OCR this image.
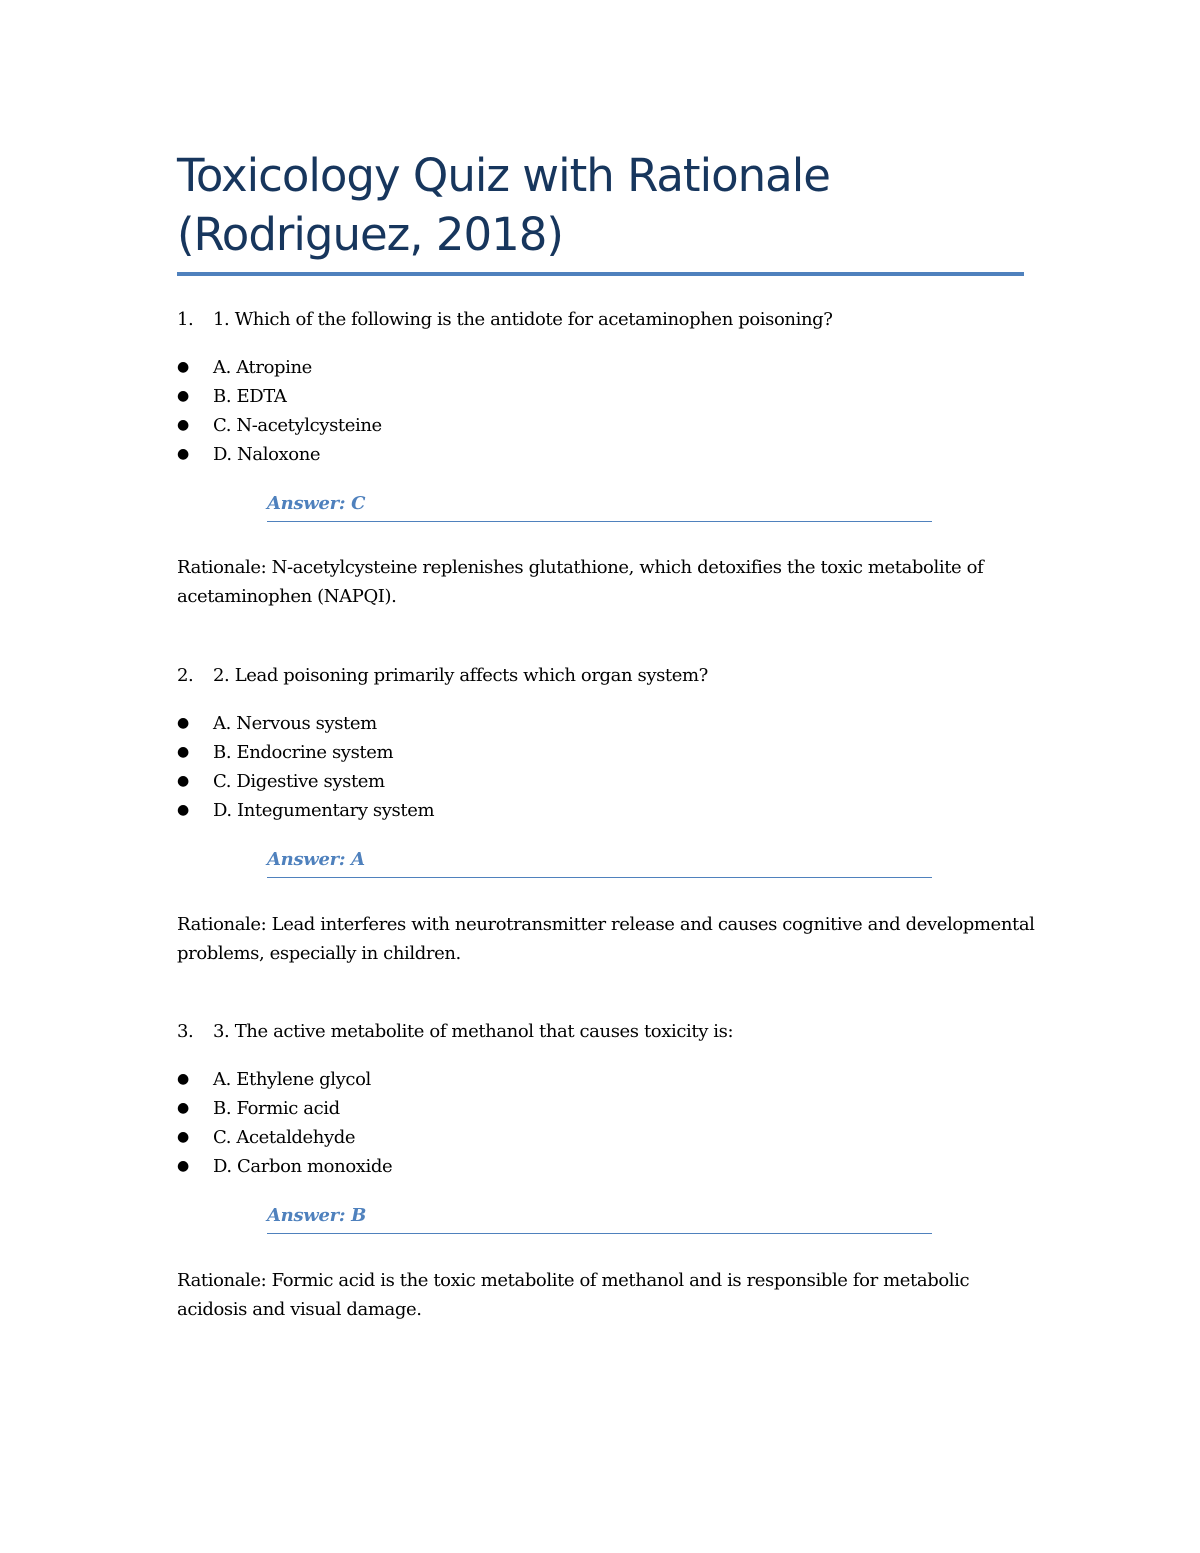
Toxicology Quiz with Rationale (Rodriguez, 2018)

1. 1. Which of the following is the antidote for acetaminophen poisoning?

● A. Atropine
● B. EDTA
● C. N-acetylcysteine
● D. Naloxone
Answer: C

Rationale: N-acetylcysteine replenishes glutathione, which detoxifies the toxic metabolite of acetaminophen (NAPQI).

2. 2. Lead poisoning primarily affects which organ system?

● A. Nervous system
● B. Endocrine system
● C. Digestive system
● D. Integumentary system
Answer: A

Rationale: Lead interferes with neurotransmitter release and causes cognitive and developmental problems, especially in children.

3. 3. The active metabolite of methanol that causes toxicity is:

● A. Ethylene glycol
● B. Formic acid
● C. Acetaldehyde
● D. Carbon monoxide
Answer: B

Rationale: Formic acid is the toxic metabolite of methanol and is responsible for metabolic acidosis and visual damage.
